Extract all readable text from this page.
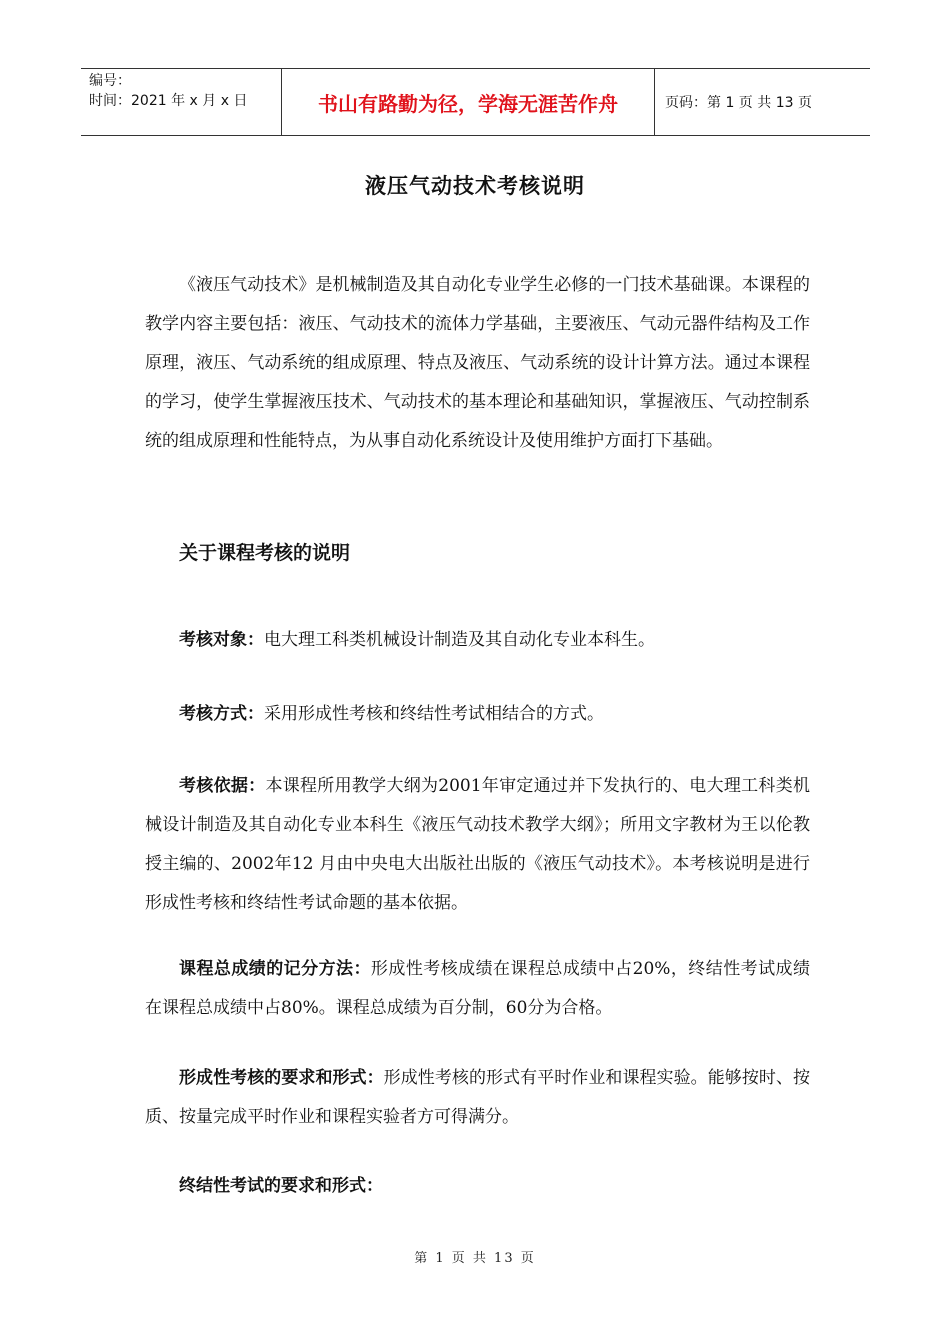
编号：
时间：2021 年 x 月 x 日	书山有路勤为径，学海无涯苦作舟	页码：第 1 页 共 13 页
液压气动技术考核说明

《液压气动技术》是机械制造及其自动化专业学生必修的一门技术基础课。本课程的教学内容主要包括：液压、气动技术的流体力学基础，主要液压、气动元器件结构及工作原理，液压、气动系统的组成原理、特点及液压、气动系统的设计计算方法。通过本课程的学习，使学生掌握液压技术、气动技术的基本理论和基础知识，掌握液压、气动控制系统的组成原理和性能特点，为从事自动化系统设计及使用维护方面打下基础。

关于课程考核的说明

考核对象：电大理工科类机械设计制造及其自动化专业本科生。

考核方式：采用形成性考核和终结性考试相结合的方式。

考核依据：本课程所用教学大纲为2001年审定通过并下发执行的、电大理工科类机械设计制造及其自动化专业本科生《液压气动技术教学大纲》；所用文字教材为王以伦教授主编的、2002年12 月由中央电大出版社出版的《液压气动技术》。本考核说明是进行形成性考核和终结性考试命题的基本依据。

课程总成绩的记分方法：形成性考核成绩在课程总成绩中占20%，终结性考试成绩在课程总成绩中占80%。课程总成绩为百分制，60分为合格。

形成性考核的要求和形式：形成性考核的形式有平时作业和课程实验。能够按时、按质、按量完成平时作业和课程实验者方可得满分。

终结性考试的要求和形式：

第 1 页 共 13 页
